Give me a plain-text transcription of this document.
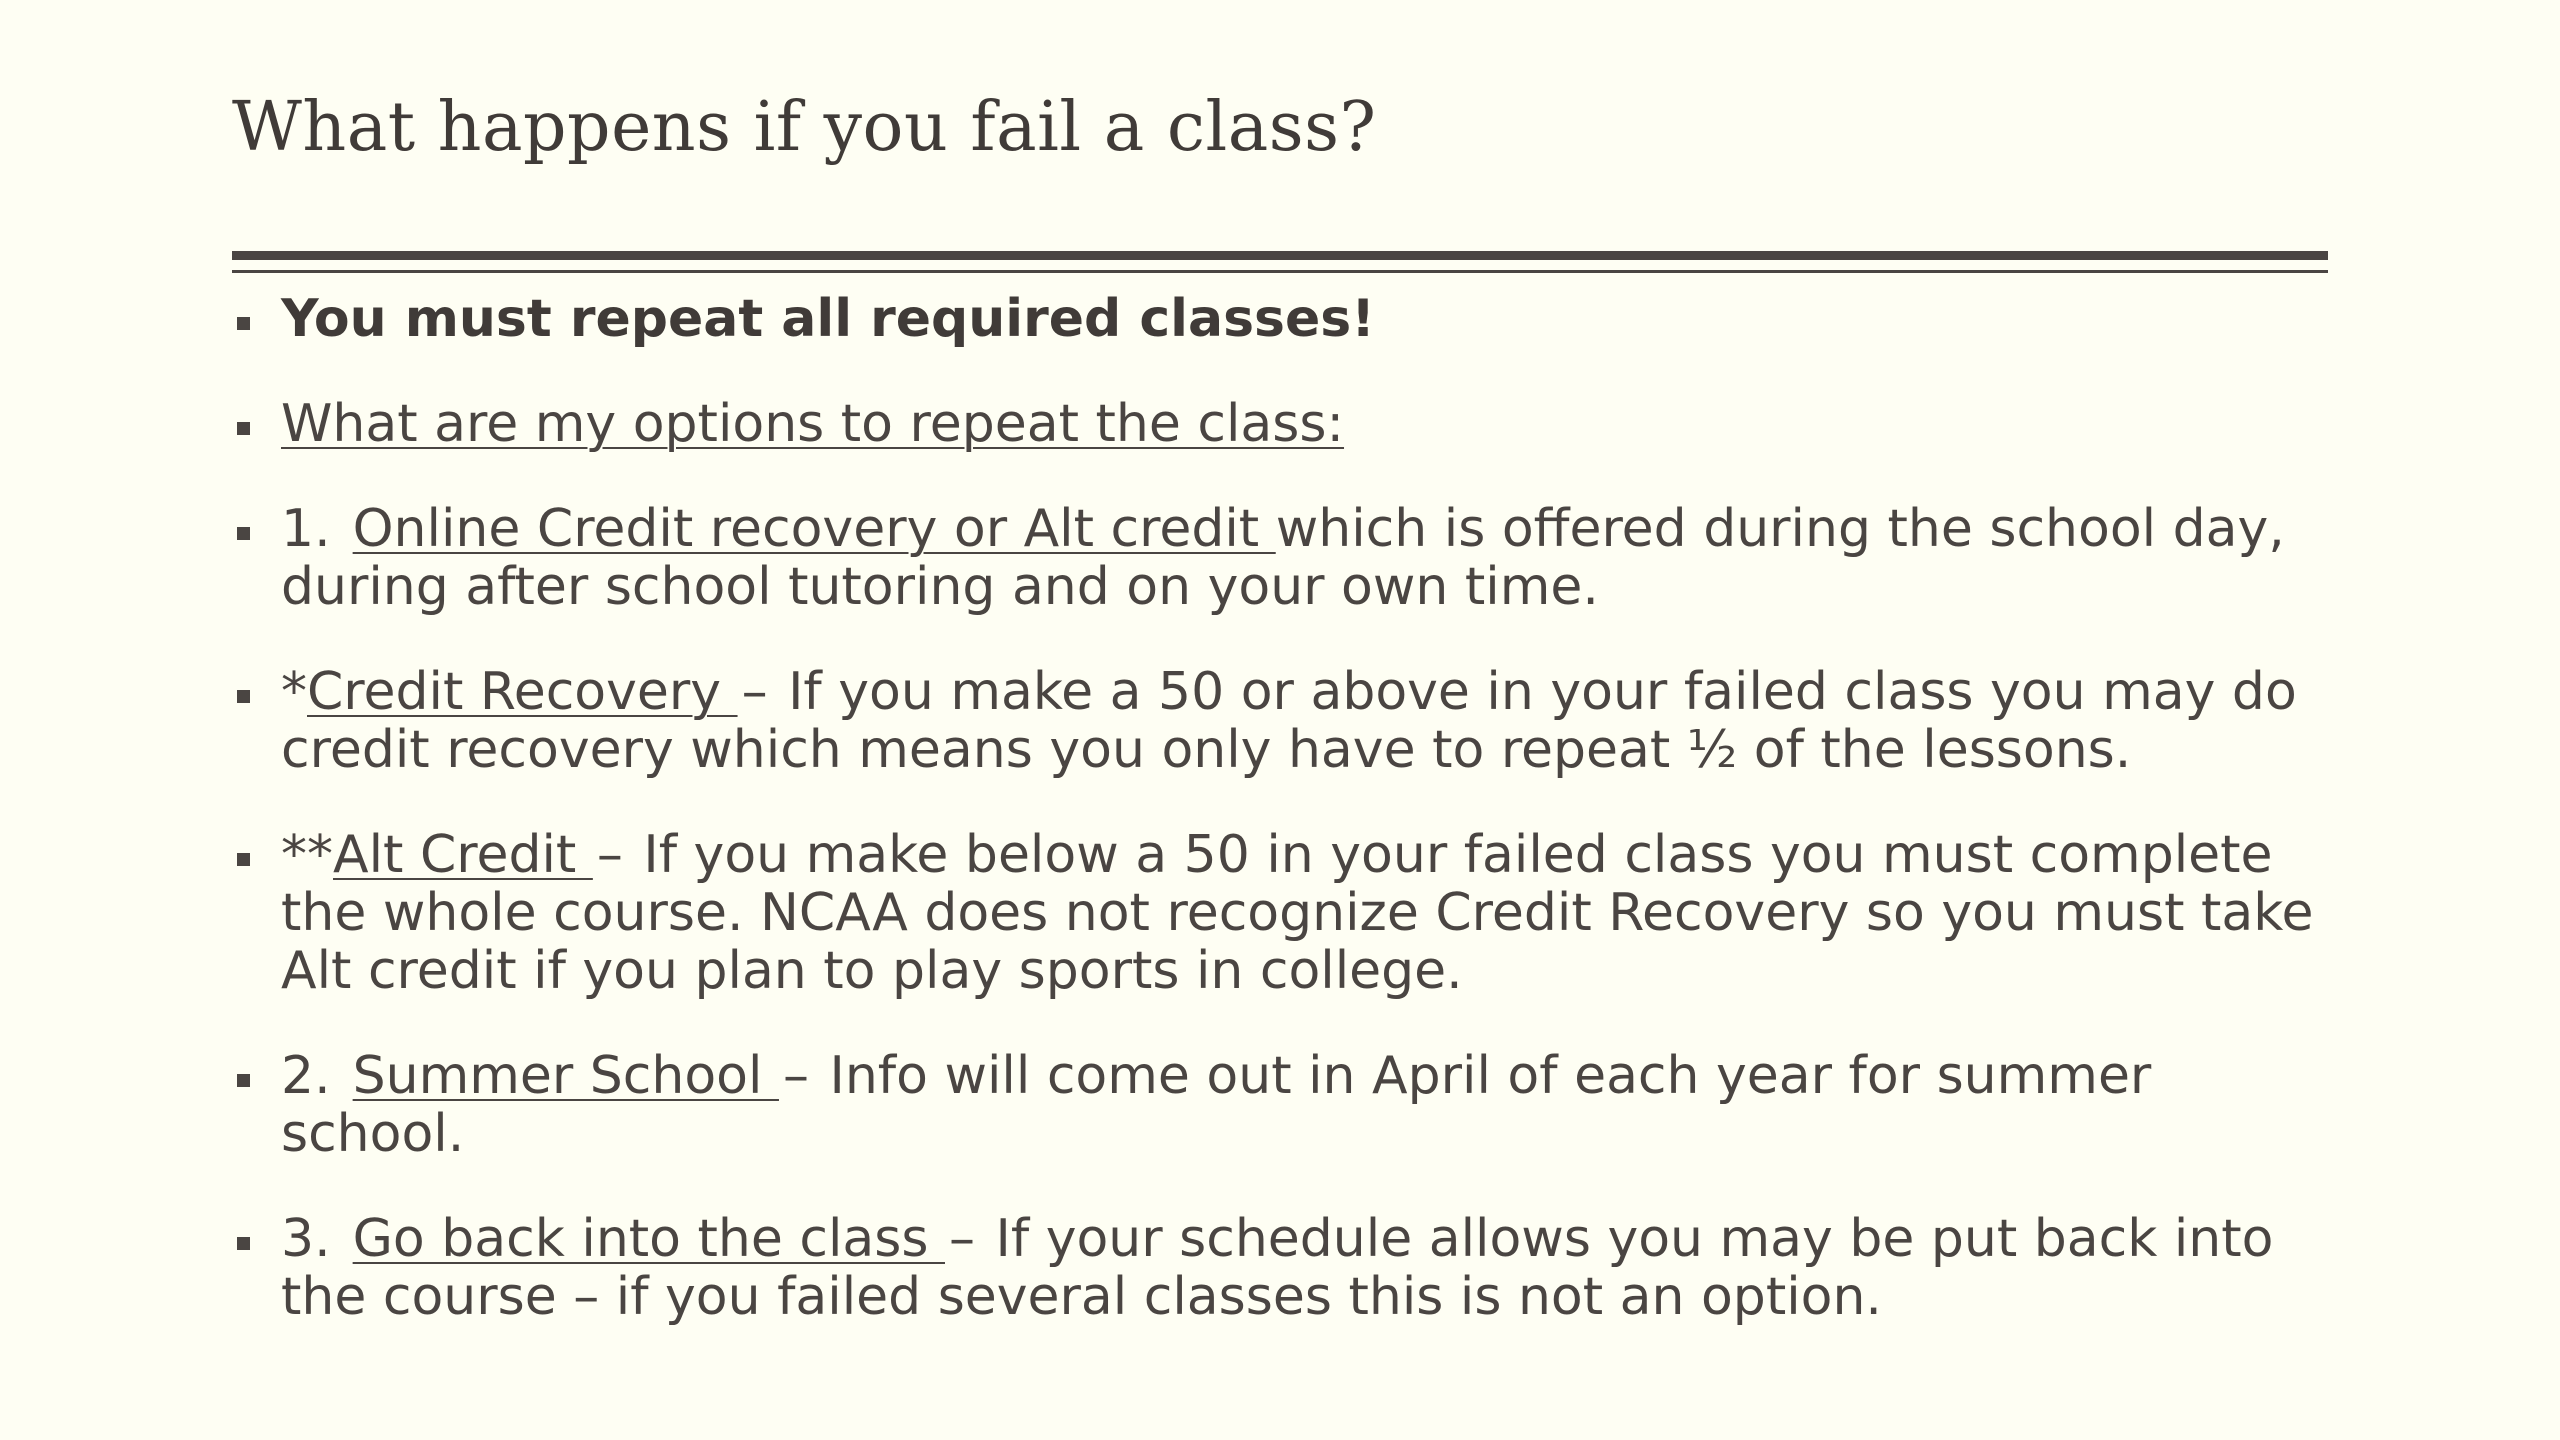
What happens if you fail a class?
You must repeat all required classes!
What are my options to repeat the class:
1. Online Credit recovery or Alt credit which is offered during the school day, during after school tutoring and on your own time.
*Credit Recovery – If you make a 50 or above in your failed class you may do credit recovery which means you only have to repeat ½ of the lessons.
**Alt Credit – If you make below a 50 in your failed class you must complete the whole course. NCAA does not recognize Credit Recovery so you must take Alt credit if you plan to play sports in college.
2. Summer School – Info will come out in April of each year for summer school.
3. Go back into the class – If your schedule allows you may be put back into the course – if you failed several classes this is not an option.
